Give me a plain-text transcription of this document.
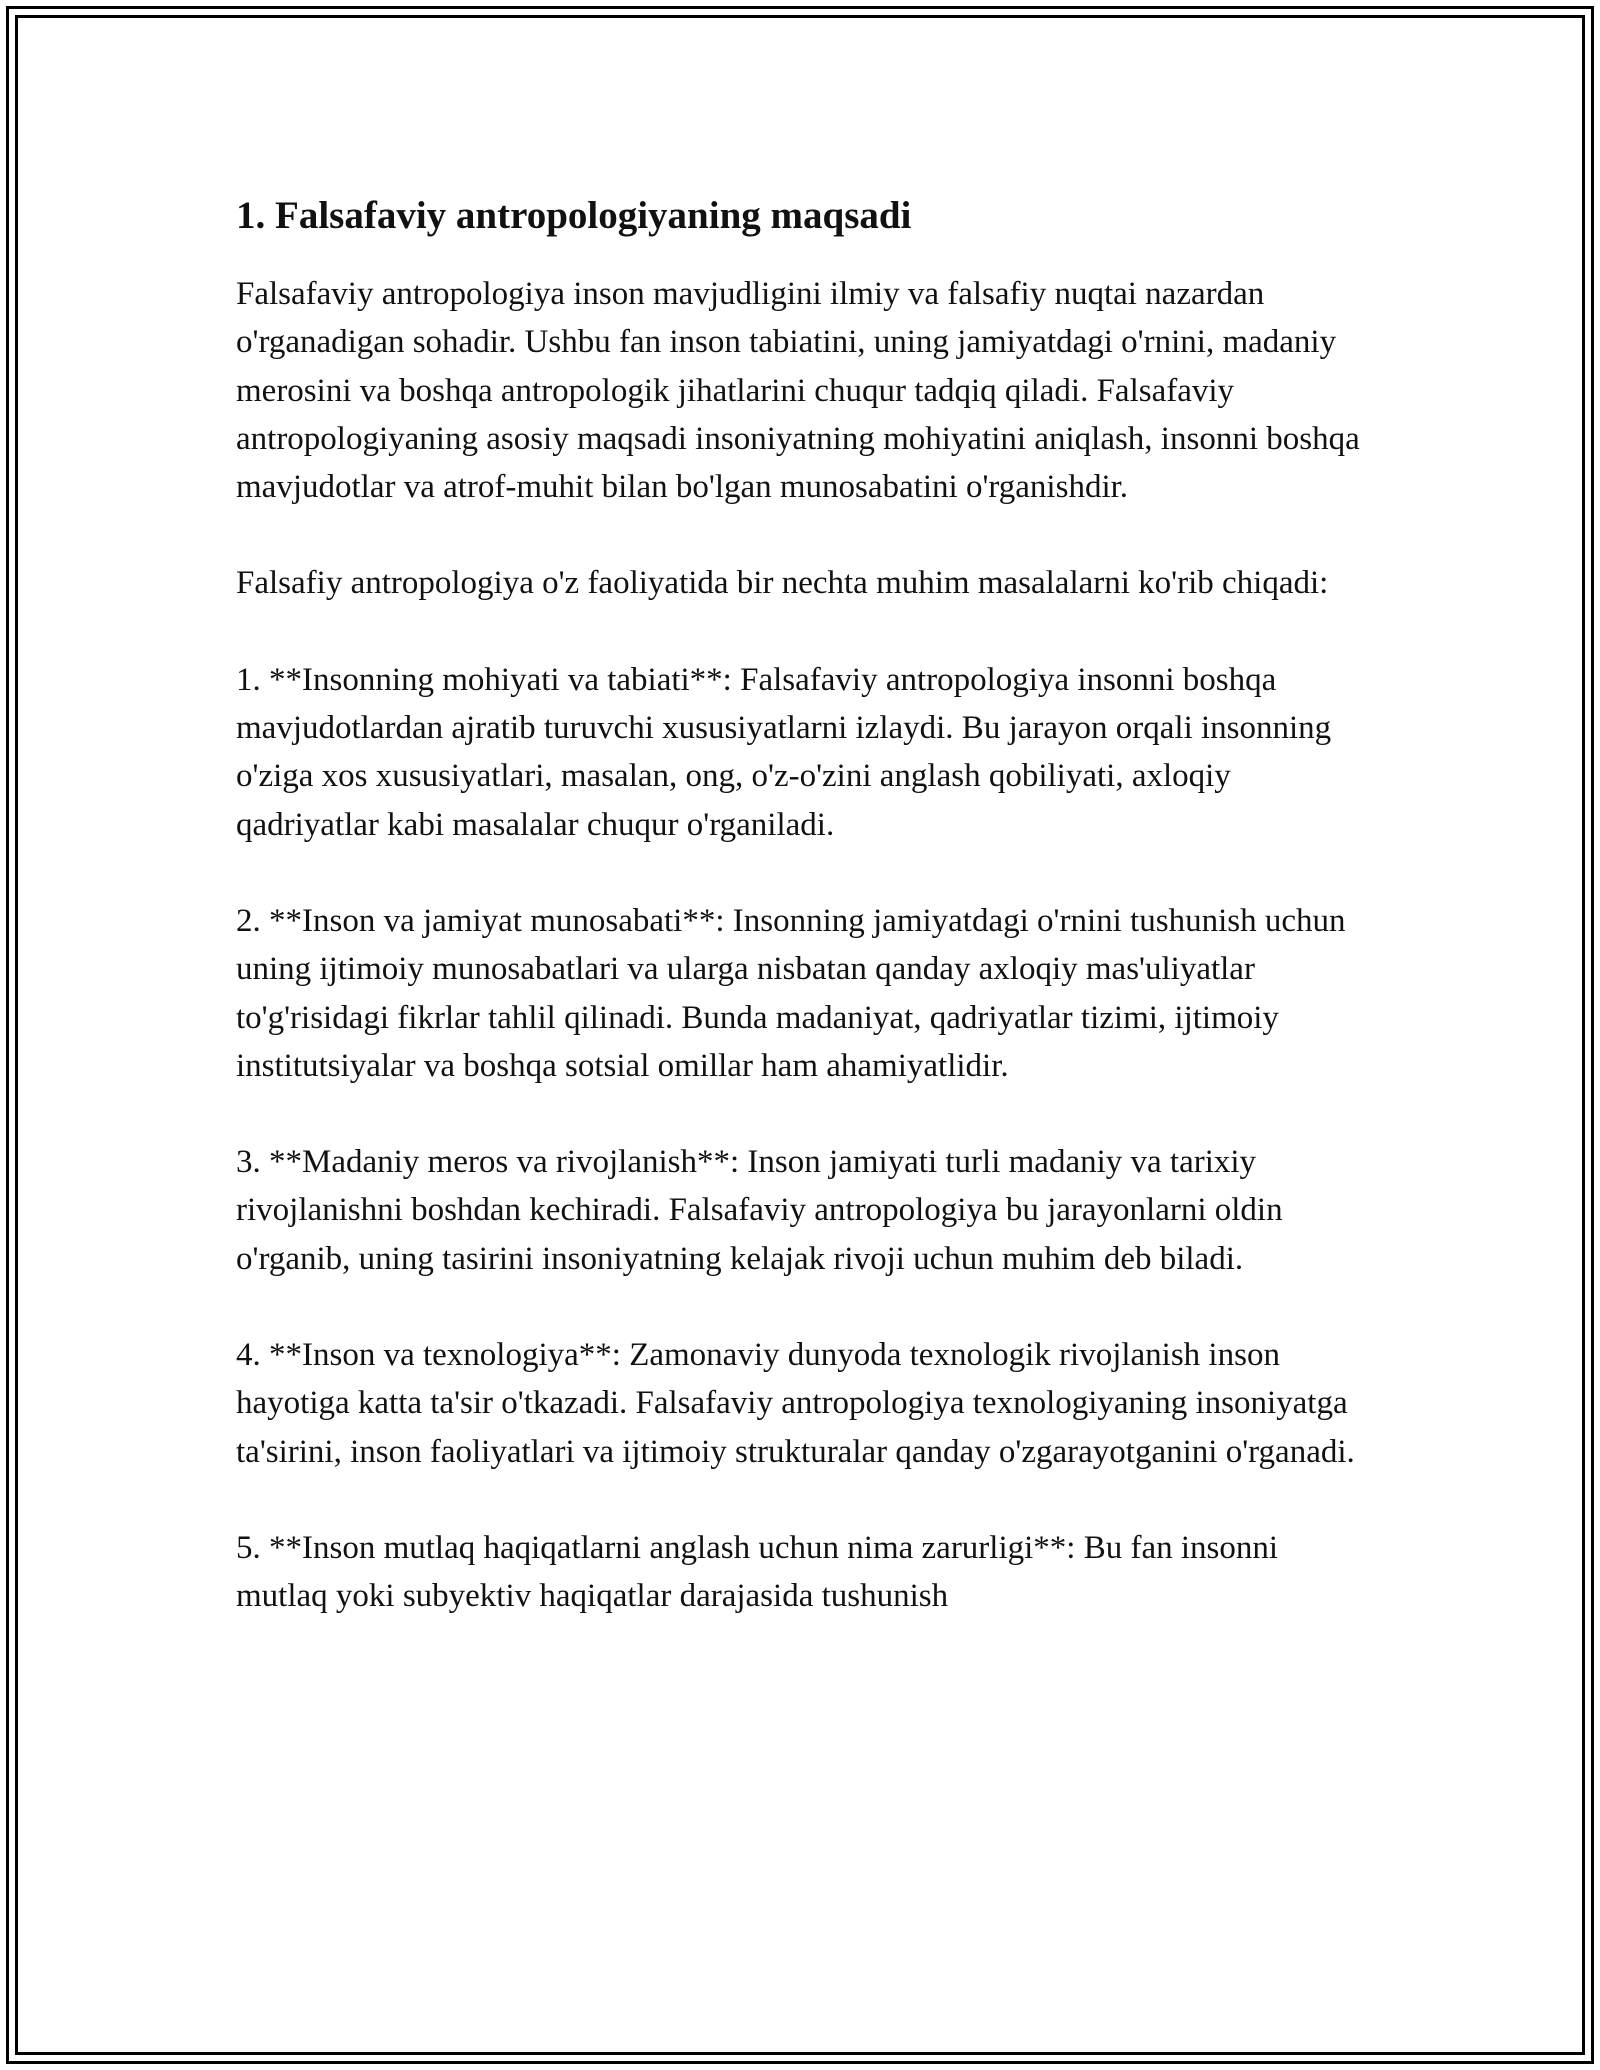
1. Falsafaviy antropologiyaning maqsadi

Falsafaviy antropologiya inson mavjudligini ilmiy va falsafiy nuqtai nazardan o'rganadigan sohadir. Ushbu fan inson tabiatini, uning jamiyatdagi o'rnini, madaniy merosini va boshqa antropologik jihatlarini chuqur tadqiq qiladi. Falsafaviy antropologiyaning asosiy maqsadi insoniyatning mohiyatini aniqlash, insonni boshqa mavjudotlar va atrof-muhit bilan bo'lgan munosabatini o'rganishdir.

Falsafiy antropologiya o'z faoliyatida bir nechta muhim masalalarni ko'rib chiqadi:

1. **Insonning mohiyati va tabiati**: Falsafaviy antropologiya insonni boshqa mavjudotlardan ajratib turuvchi xususiyatlarni izlaydi. Bu jarayon orqali insonning o'ziga xos xususiyatlari, masalan, ong, o'z-o'zini anglash qobiliyati, axloqiy qadriyatlar kabi masalalar chuqur o'rganiladi.

2. **Inson va jamiyat munosabati**: Insonning jamiyatdagi o'rnini tushunish uchun uning ijtimoiy munosabatlari va ularga nisbatan qanday axloqiy mas'uliyatlar to'g'risidagi fikrlar tahlil qilinadi. Bunda madaniyat, qadriyatlar tizimi, ijtimoiy institutsiyalar va boshqa sotsial omillar ham ahamiyatlidir.

3. **Madaniy meros va rivojlanish**: Inson jamiyati turli madaniy va tarixiy rivojlanishni boshdan kechiradi. Falsafaviy antropologiya bu jarayonlarni oldin o'rganib, uning tasirini insoniyatning kelajak rivoji uchun muhim deb biladi.

4. **Inson va texnologiya**: Zamonaviy dunyoda texnologik rivojlanish inson hayotiga katta ta'sir o'tkazadi. Falsafaviy antropologiya texnologiyaning insoniyatga ta'sirini, inson faoliyatlari va ijtimoiy strukturalar qanday o'zgarayotganini o'rganadi.

5. **Inson mutlaq haqiqatlarni anglash uchun nima zarurligi**: Bu fan insonni mutlaq yoki subyektiv haqiqatlar darajasida tushunish
